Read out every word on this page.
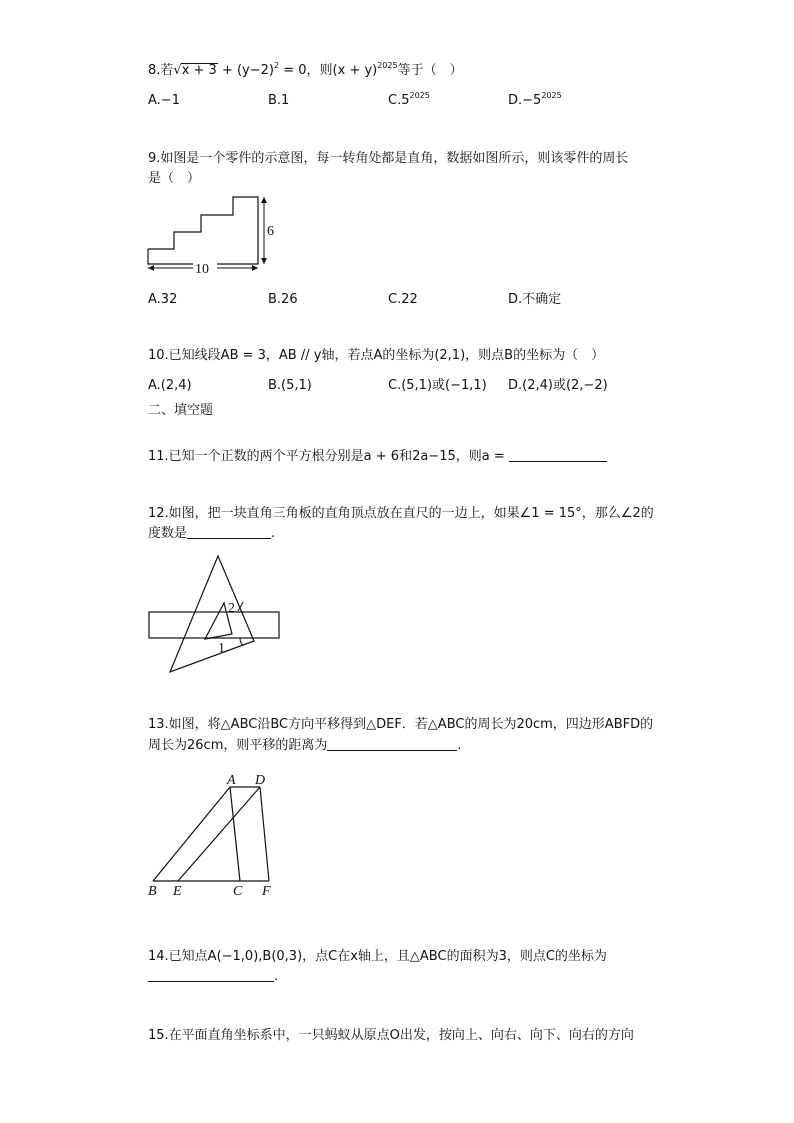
8.若$√x + 3 + (y-2)^2 = 0$，则$(x + y)^{2025}$等于（　）
A.−1	B.1	$C.5^{2025}$	$D.-5^{2025}$
9.如图是一个零件的示意图，每一转角处都是直角，数据如图所示，则该零件的周长
是（　）
6
10
A.32	B.26	C.22	D.不确定
10.已知线段AB = 3，AB // y轴，若点A的坐标为(2,1)，则点B的坐标为（　）
A.(2,4)	B.(5,1)	C.(5,1)或(−1,1) D.(2,4)或(2,−2)
二、填空题
11.已知一个正数的两个平方根分别是a + 6和2a−15，则a =
12.如图，把一块直角三角板的直角顶点放在直尺的一边上，如果∠1 = 15°，那么∠2的
度数是	.
2
1
13.如图，将△ABC沿BC方向平移得到△DEF．若△ABC的周长为20cm，四边形ABFD的
周长为26cm，则平移的距离为	.
A D
B E	C F
14.已知点A(−1,0),B(0,3)，点C在x轴上，且△ABC的面积为3，则点C的坐标为
.
15.在平面直角坐标系中，一只蚂蚁从原点O出发，按向上、向右、向下、向右的方向
